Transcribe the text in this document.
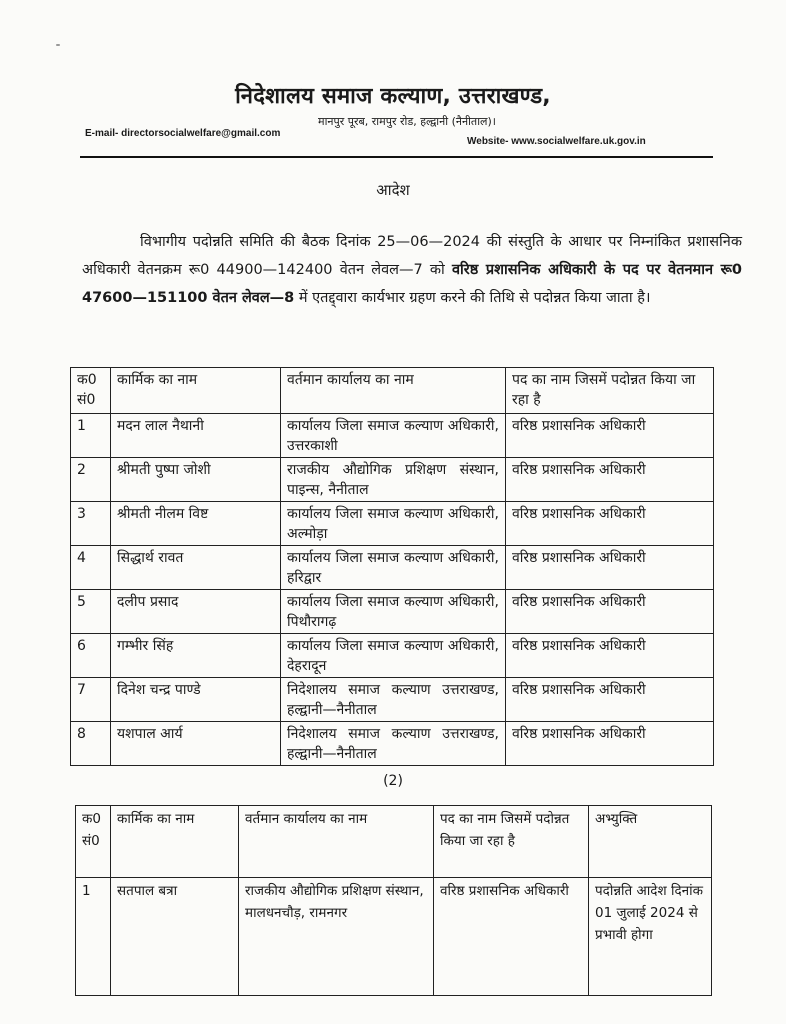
निदेशालय समाज कल्याण, उत्तराखण्ड,
मानपुर पूरब, रामपुर रोड, हल्द्वानी (नैनीताल)।
E-mail- directorsocialwelfare@gmail.com
Website- www.socialwelfare.uk.gov.in
आदेश
विभागीय पदोन्नति समिति की बैठक दिनांक 25—06—2024 की संस्तुति के आधार पर निम्नांकित प्रशासनिक अधिकारी वेतनक्रम रू0 44900—142400 वेतन लेवल—7 को वरिष्ठ प्रशासनिक अधिकारी के पद पर वेतनमान रू0 47600—151100 वेतन लेवल—8 में एतद्द्वारा कार्यभार ग्रहण करने की तिथि से पदोन्नत किया जाता है।
क0 सं0	कार्मिक का नाम	वर्तमान कार्यालय का नाम	पद का नाम जिसमें पदोन्नत किया जा रहा है
1	मदन लाल नैथानी	कार्यालय जिला समाज कल्याण अधिकारी, उत्तरकाशी	वरिष्ठ प्रशासनिक अधिकारी
2	श्रीमती पुष्पा जोशी	राजकीय औद्योगिक प्रशिक्षण संस्थान, पाइन्स, नैनीताल	वरिष्ठ प्रशासनिक अधिकारी
3	श्रीमती नीलम विष्ट	कार्यालय जिला समाज कल्याण अधिकारी, अल्मोड़ा	वरिष्ठ प्रशासनिक अधिकारी
4	सिद्धार्थ रावत	कार्यालय जिला समाज कल्याण अधिकारी, हरिद्वार	वरिष्ठ प्रशासनिक अधिकारी
5	दलीप प्रसाद	कार्यालय जिला समाज कल्याण अधिकारी, पिथौरागढ़	वरिष्ठ प्रशासनिक अधिकारी
6	गम्भीर सिंह	कार्यालय जिला समाज कल्याण अधिकारी, देहरादून	वरिष्ठ प्रशासनिक अधिकारी
7	दिनेश चन्द्र पाण्डे	निदेशालय समाज कल्याण उत्तराखण्ड, हल्द्वानी—नैनीताल	वरिष्ठ प्रशासनिक अधिकारी
8	यशपाल आर्य	निदेशालय समाज कल्याण उत्तराखण्ड, हल्द्वानी—नैनीताल	वरिष्ठ प्रशासनिक अधिकारी
(2)
क0 सं0	कार्मिक का नाम	वर्तमान कार्यालय का नाम	पद का नाम जिसमें पदोन्नत किया जा रहा है	अभ्युक्ति
1	सतपाल बत्रा	राजकीय औद्योगिक प्रशिक्षण संस्थान, मालधनचौड़, रामनगर	वरिष्ठ प्रशासनिक अधिकारी	पदोन्नति आदेश दिनांक 01 जुलाई 2024 से प्रभावी होगा
